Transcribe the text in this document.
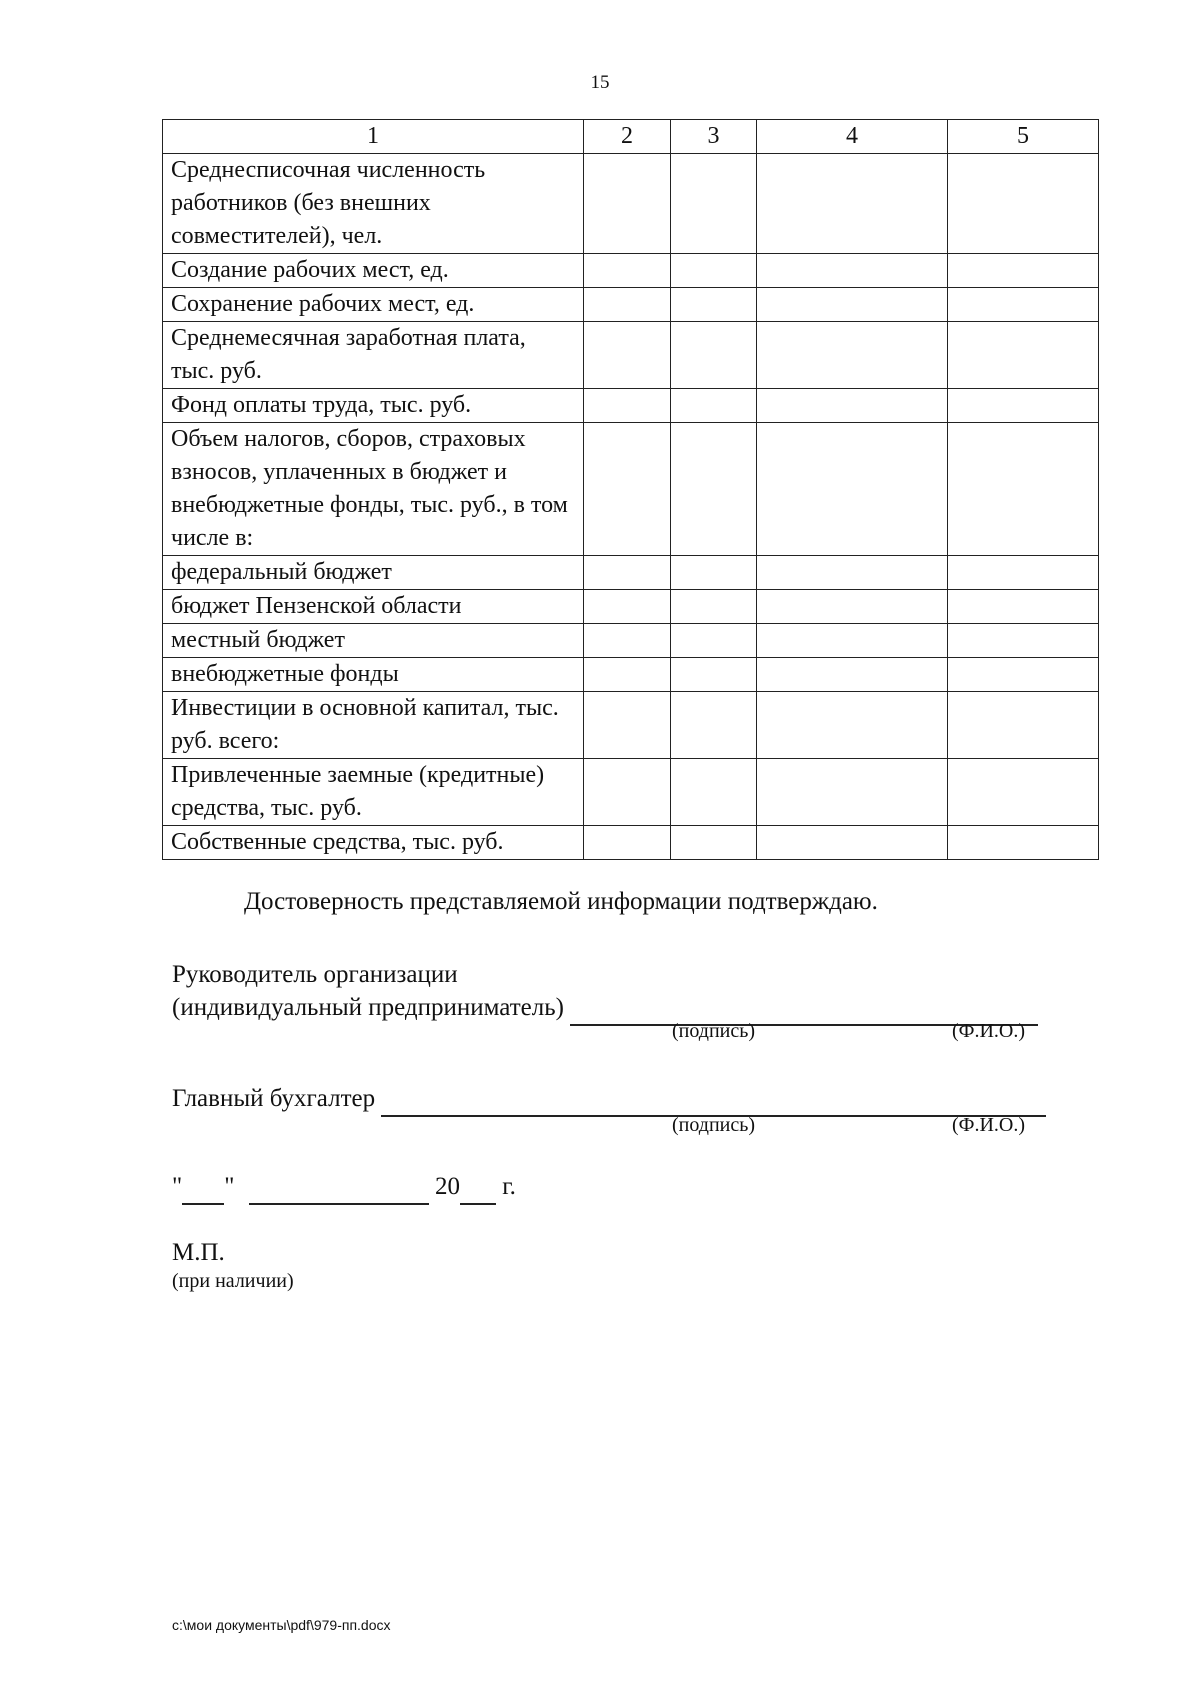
15
1	2	3	4	5
Среднесписочная численность работников (без внешних совместителей), чел.				
Создание рабочих мест, ед.				
Сохранение рабочих мест, ед.				
Среднемесячная заработная плата, тыс. руб.				
Фонд оплаты труда, тыс. руб.				
Объем налогов, сборов, страховых взносов, уплаченных в бюджет и внебюджетные фонды, тыс. руб., в том числе в:				
федеральный бюджет				
бюджет Пензенской области				
местный бюджет				
внебюджетные фонды				
Инвестиции в основной капитал, тыс. руб. всего:				
Привлеченные заемные (кредитные) средства, тыс. руб.				
Собственные средства, тыс. руб.				
Достоверность представляемой информации подтверждаю.
Руководитель организации
(индивидуальный предприниматель)
(подпись)	(Ф.И.О.)
Главный бухгалтер
(подпись)	(Ф.И.О.)
" "	20 г.
М.П.
(при наличии)
c:\мои документы\pdf\979-пп.docx
